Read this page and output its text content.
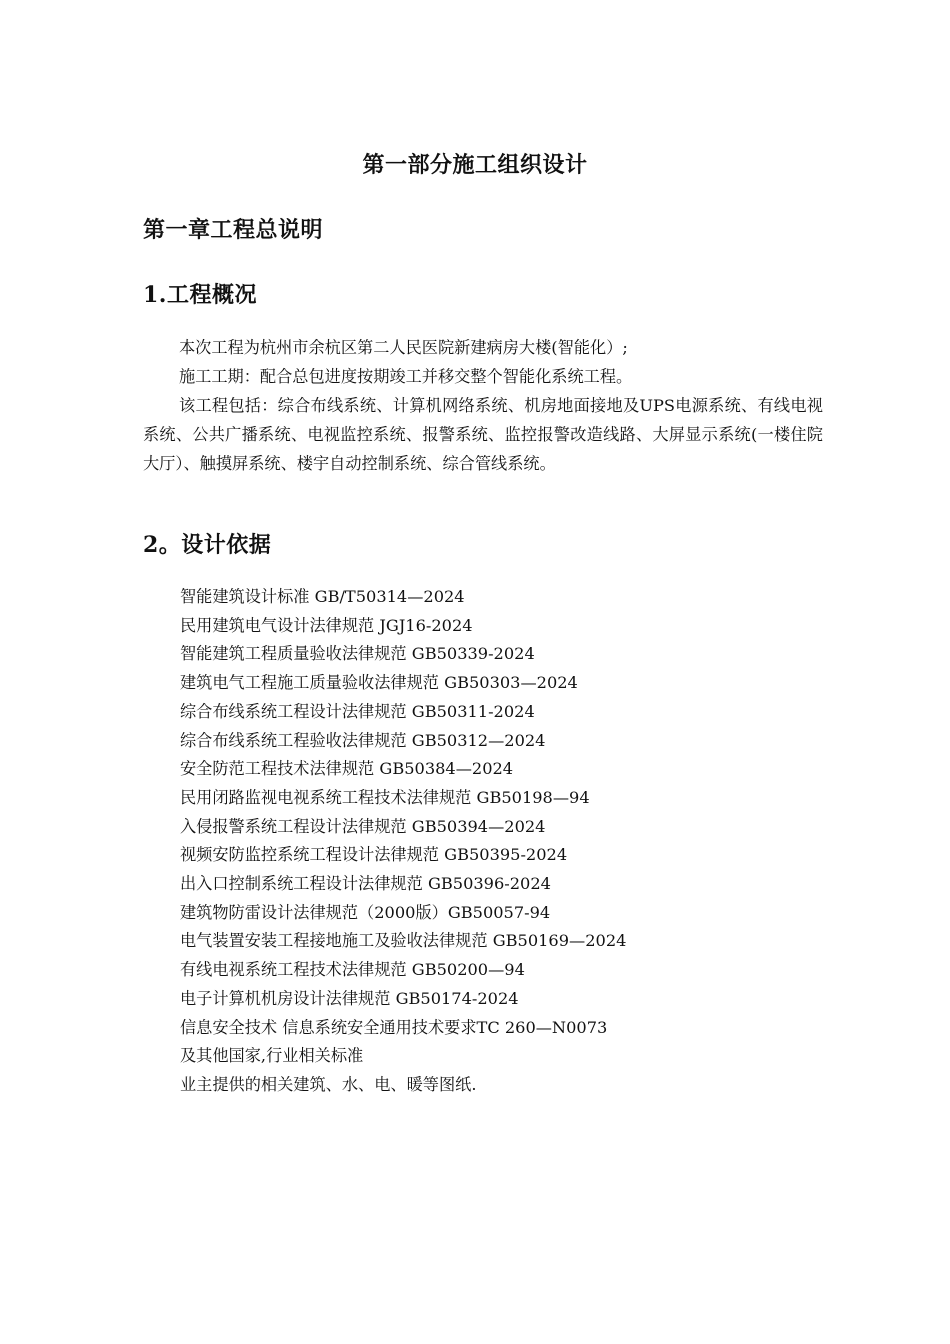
第一部分施工组织设计
第一章工程总说明
1.工程概况

本次工程为杭州市余杭区第二人民医院新建病房大楼(智能化）;

施工工期：配合总包进度按期竣工并移交整个智能化系统工程。

该工程包括：综合布线系统、计算机网络系统、机房地面接地及UPS电源系统、有线电视系统、公共广播系统、电视监控系统、报警系统、监控报警改造线路、大屏显示系统(一楼住院大厅）、触摸屏系统、楼宇自动控制系统、综合管线系统。

2。设计依据
智能建筑设计标准 GB/T50314—2024
民用建筑电气设计法律规范 JGJ16-2024
智能建筑工程质量验收法律规范 GB50339-2024
建筑电气工程施工质量验收法律规范 GB50303—2024
综合布线系统工程设计法律规范 GB50311-2024
综合布线系统工程验收法律规范 GB50312—2024
安全防范工程技术法律规范 GB50384—2024
民用闭路监视电视系统工程技术法律规范 GB50198—94
入侵报警系统工程设计法律规范 GB50394—2024
视频安防监控系统工程设计法律规范 GB50395-2024
出入口控制系统工程设计法律规范 GB50396-2024
建筑物防雷设计法律规范（2000版）GB50057-94
电气装置安装工程接地施工及验收法律规范 GB50169—2024
有线电视系统工程技术法律规范 GB50200—94
电子计算机机房设计法律规范 GB50174-2024
信息安全技术 信息系统安全通用技术要求TC 260—N0073
及其他国家,行业相关标准
业主提供的相关建筑、水、电、暖等图纸.
